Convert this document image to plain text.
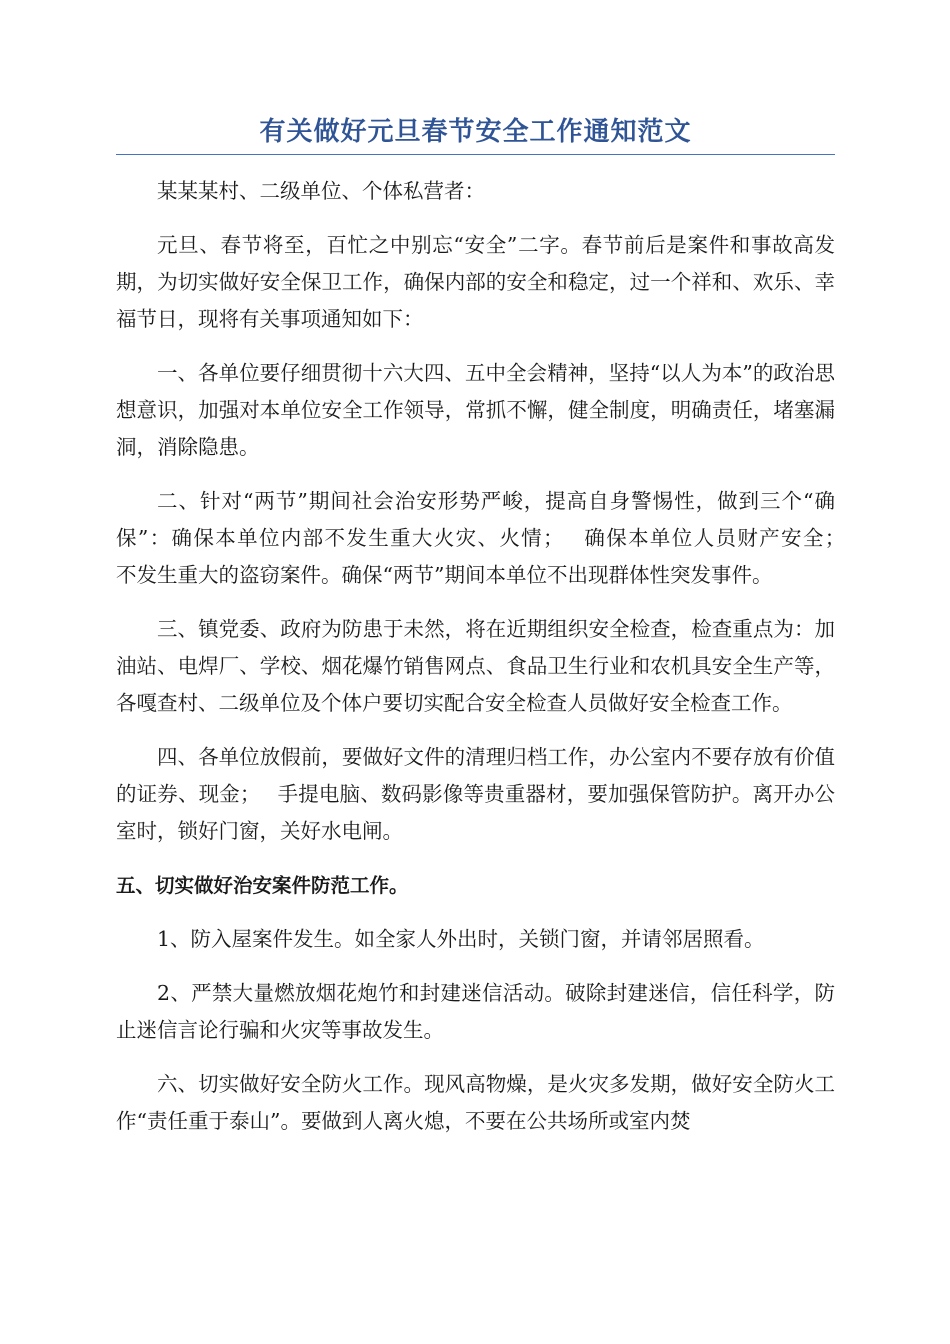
有关做好元旦春节安全工作通知范文

某某某村、二级单位、个体私营者：

元旦、春节将至，百忙之中别忘“安全”二字。春节前后是案件和事故高发期，为切实做好安全保卫工作，确保内部的安全和稳定，过一个祥和、欢乐、幸福节日，现将有关事项通知如下：

一、各单位要仔细贯彻十六大四、五中全会精神，坚持“以人为本”的政治思想意识，加强对本单位安全工作领导，常抓不懈，健全制度，明确责任，堵塞漏洞，消除隐患。

二、针对“两节”期间社会治安形势严峻，提高自身警惕性，做到三个“确保”：确保本单位内部不发生重大火灾、火情；　 确保本单位人员财产安全；　 不发生重大的盗窃案件。确保“两节”期间本单位不出现群体性突发事件。

三、镇党委、政府为防患于未然，将在近期组织安全检查，检查重点为：加油站、电焊厂、学校、烟花爆竹销售网点、食品卫生行业和农机具安全生产等，各嘎查村、二级单位及个体户要切实配合安全检查人员做好安全检查工作。

四、各单位放假前，要做好文件的清理归档工作，办公室内不要存放有价值的证券、现金；　 手提电脑、数码影像等贵重器材，要加强保管防护。离开办公室时，锁好门窗，关好水电闸。

五、切实做好治安案件防范工作。

1、防入屋案件发生。如全家人外出时，关锁门窗，并请邻居照看。

2、严禁大量燃放烟花炮竹和封建迷信活动。破除封建迷信，信任科学，防止迷信言论行骗和火灾等事故发生。

六、切实做好安全防火工作。现风高物燥，是火灾多发期，做好安全防火工作“责任重于泰山”。要做到人离火熄，不要在公共场所或室内焚
